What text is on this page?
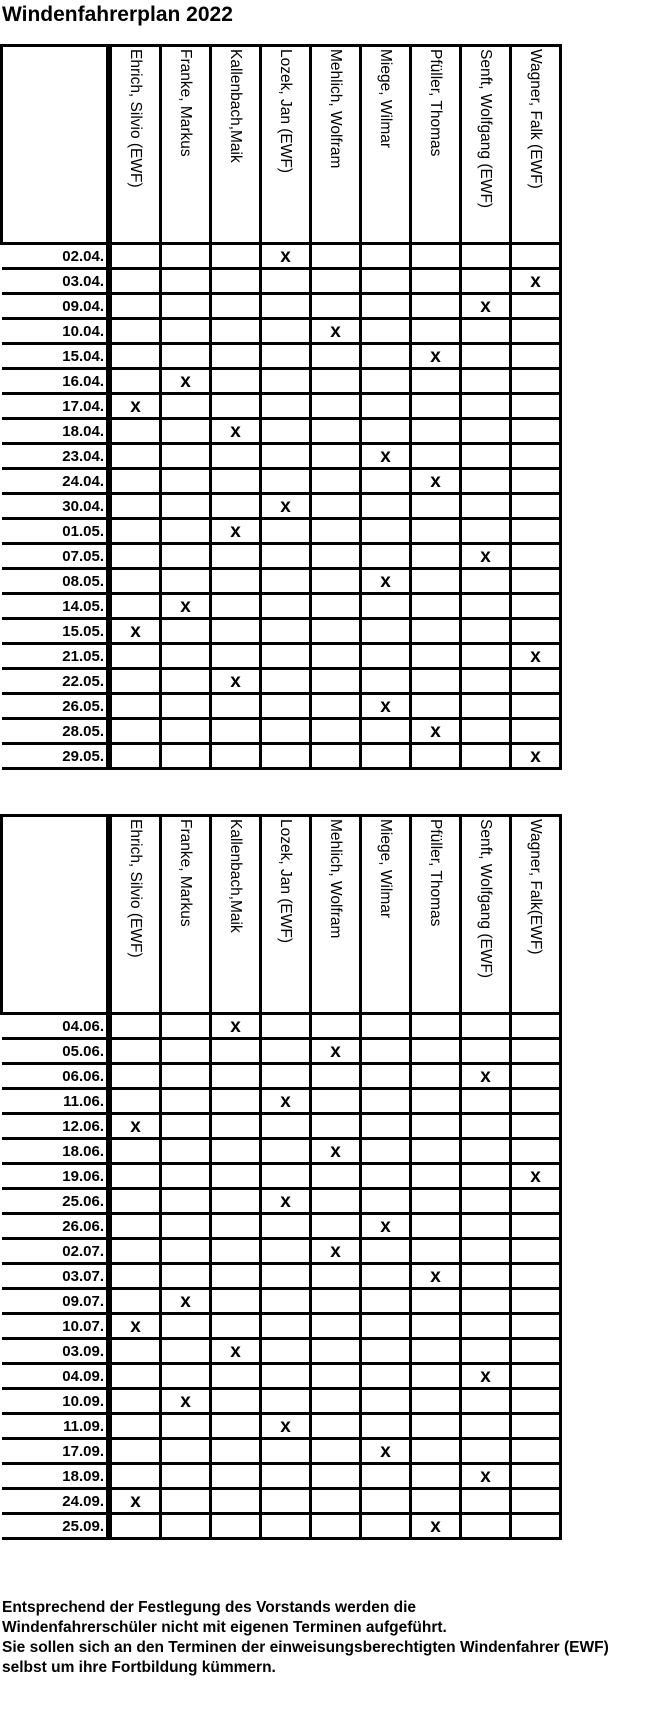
Windenfahrerplan 2022

	Ehrich, Silvio (EWF)	Franke, Markus	Kallenbach,Maik	Lozek, Jan (EWF)	Mehlich, Wolfram	Miege, Wilmar	Pfüller, Thomas	Senft, Wolfgang (EWF)	Wagner, Falk (EWF)

02.04.				x					
03.04.									x
09.04.								x	
10.04.					x				
15.04.							x		
16.04.		x							
17.04.	x								
18.04.			x						
23.04.						x			
24.04.							x		
30.04.				x					
01.05.			x						
07.05.								x	
08.05.						x			
14.05.		x							
15.05.	x								
21.05.									x
22.05.			x						
26.05.						x			
28.05.							x		
29.05.									x

	Ehrich, Silvio (EWF)	Franke, Markus	Kallenbach,Maik	Lozek, Jan (EWF)	Mehlich, Wolfram	Miege, Wilmar	Pfüller, Thomas	Senft, Wolfgang (EWF)	Wagner, Falk(EWF)

04.06.			x						
05.06.					x				
06.06.								x	
11.06.				x					
12.06.	x								
18.06.					x				
19.06.									x
25.06.				x					
26.06.						x			
02.07.					x				
03.07.							x		
09.07.		x							
10.07.	x								
03.09.			x						
04.09.								x	
10.09.		x							
11.09.				x					
17.09.						x			
18.09.								x	
24.09.	x								
25.09.							x		
Entsprechend der Festlegung des Vorstands werden die
Windenfahrerschüler nicht mit eigenen Terminen aufgeführt.
Sie sollen sich an den Terminen der einweisungsberechtigten Windenfahrer (EWF)
selbst um ihre Fortbildung kümmern.
